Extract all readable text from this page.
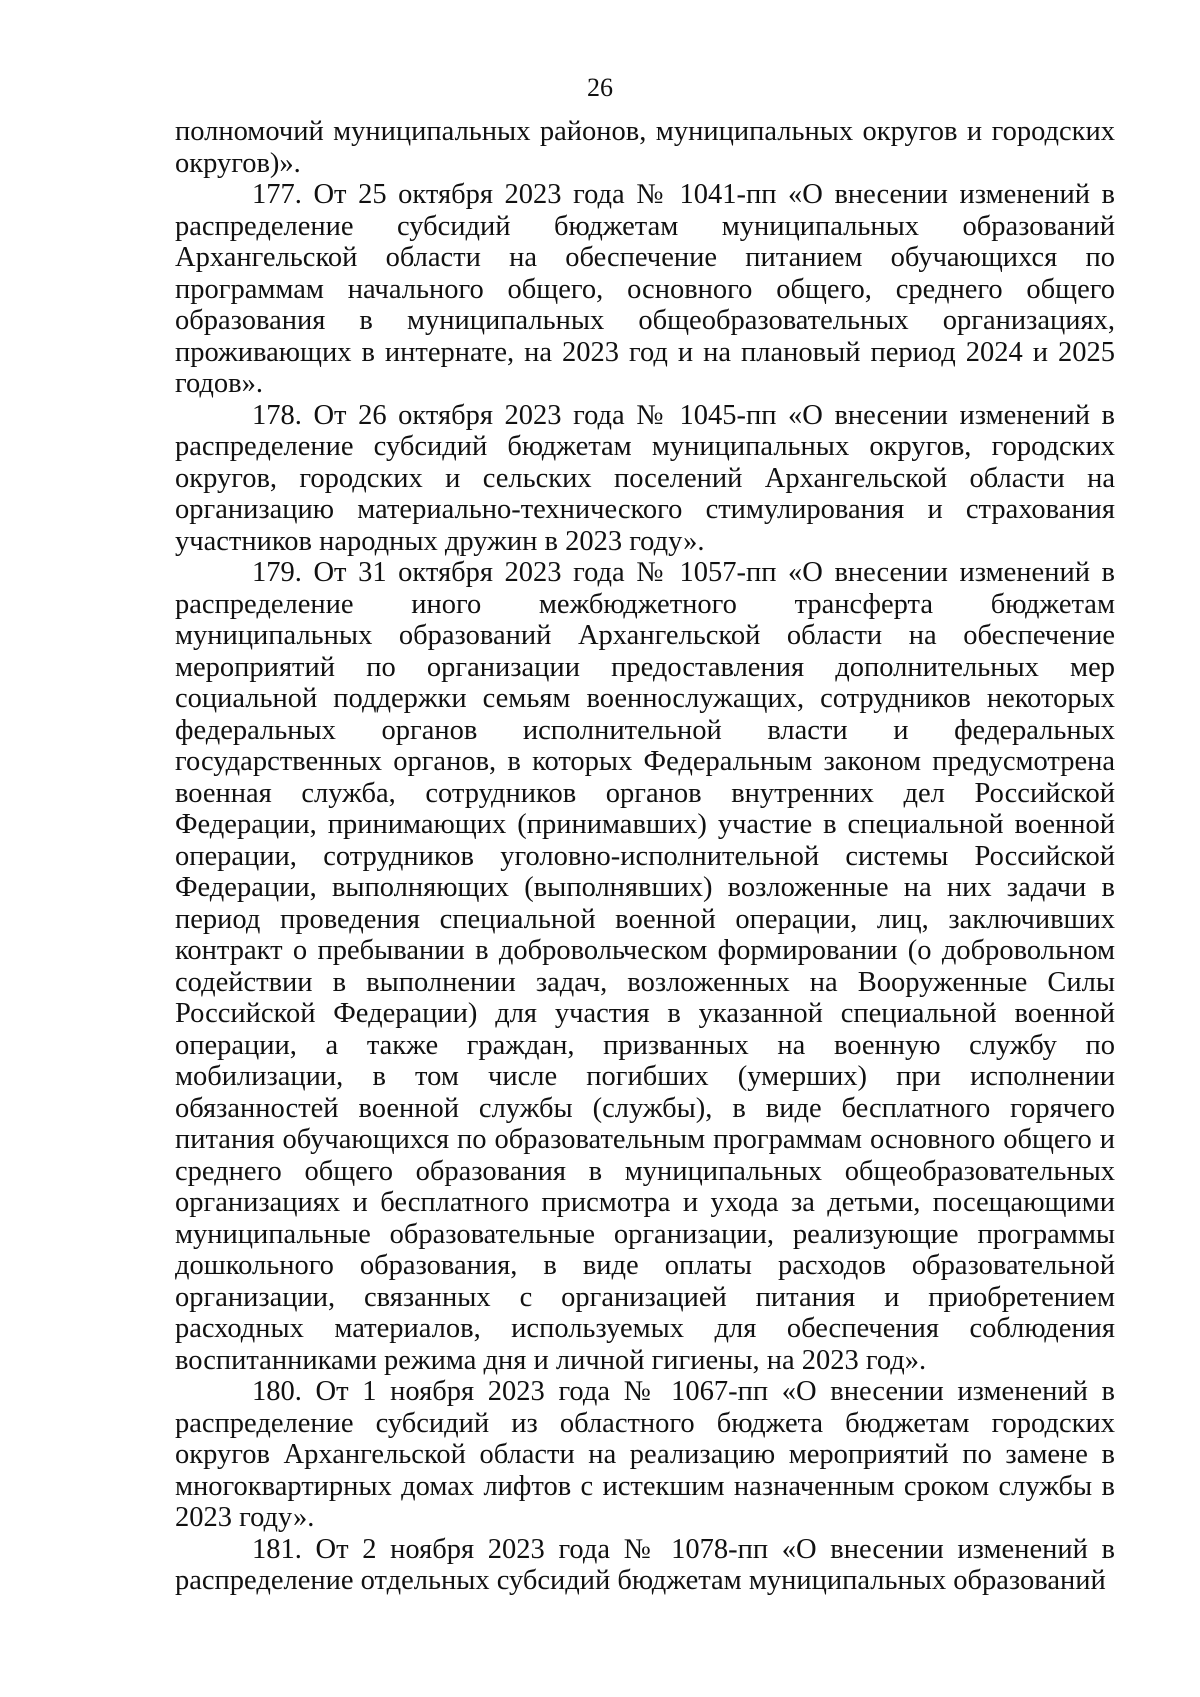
26

полномочий муниципальных районов, муниципальных округов и городских округов)».

177. От 25 октября 2023 года № 1041-пп «О внесении изменений в распределение субсидий бюджетам муниципальных образований Архангельской области на обеспечение питанием обучающихся по программам начального общего, основного общего, среднего общего образования в муниципальных общеобразовательных организациях, проживающих в интернате, на 2023 год и на плановый период 2024 и 2025 годов».

178. От 26 октября 2023 года № 1045-пп «О внесении изменений в распределение субсидий бюджетам муниципальных округов, городских округов, городских и сельских поселений Архангельской области на организацию материально-технического стимулирования и страхования участников народных дружин в 2023 году».

179. От 31 октября 2023 года № 1057-пп «О внесении изменений в распределение иного межбюджетного трансферта бюджетам муниципальных образований Архангельской области на обеспечение мероприятий по организации предоставления дополнительных мер социальной поддержки семьям военнослужащих, сотрудников некоторых федеральных органов исполнительной власти и федеральных государственных органов, в которых Федеральным законом предусмотрена военная служба, сотрудников органов внутренних дел Российской Федерации, принимающих (принимавших) участие в специальной военной операции, сотрудников уголовно-исполнительной системы Российской Федерации, выполняющих (выполнявших) возложенные на них задачи в период проведения специальной военной операции, лиц, заключивших контракт о пребывании в добровольческом формировании (о добровольном содействии в выполнении задач, возложенных на Вооруженные Силы Российской Федерации) для участия в указанной специальной военной операции, а также граждан, призванных на военную службу по мобилизации, в том числе погибших (умерших) при исполнении обязанностей военной службы (службы), в виде бесплатного горячего питания обучающихся по образовательным программам основного общего и среднего общего образования в муниципальных общеобразовательных организациях и бесплатного присмотра и ухода за детьми, посещающими муниципальные образовательные организации, реализующие программы дошкольного образования, в виде оплаты расходов образовательной организации, связанных с организацией питания и приобретением расходных материалов, используемых для обеспечения соблюдения воспитанниками режима дня и личной гигиены, на 2023 год».

180. От 1 ноября 2023 года № 1067-пп «О внесении изменений в распределение субсидий из областного бюджета бюджетам городских округов Архангельской области на реализацию мероприятий по замене в многоквартирных домах лифтов с истекшим назначенным сроком службы в 2023 году».

181. От 2 ноября 2023 года № 1078-пп «О внесении изменений в распределение отдельных субсидий бюджетам муниципальных образований
